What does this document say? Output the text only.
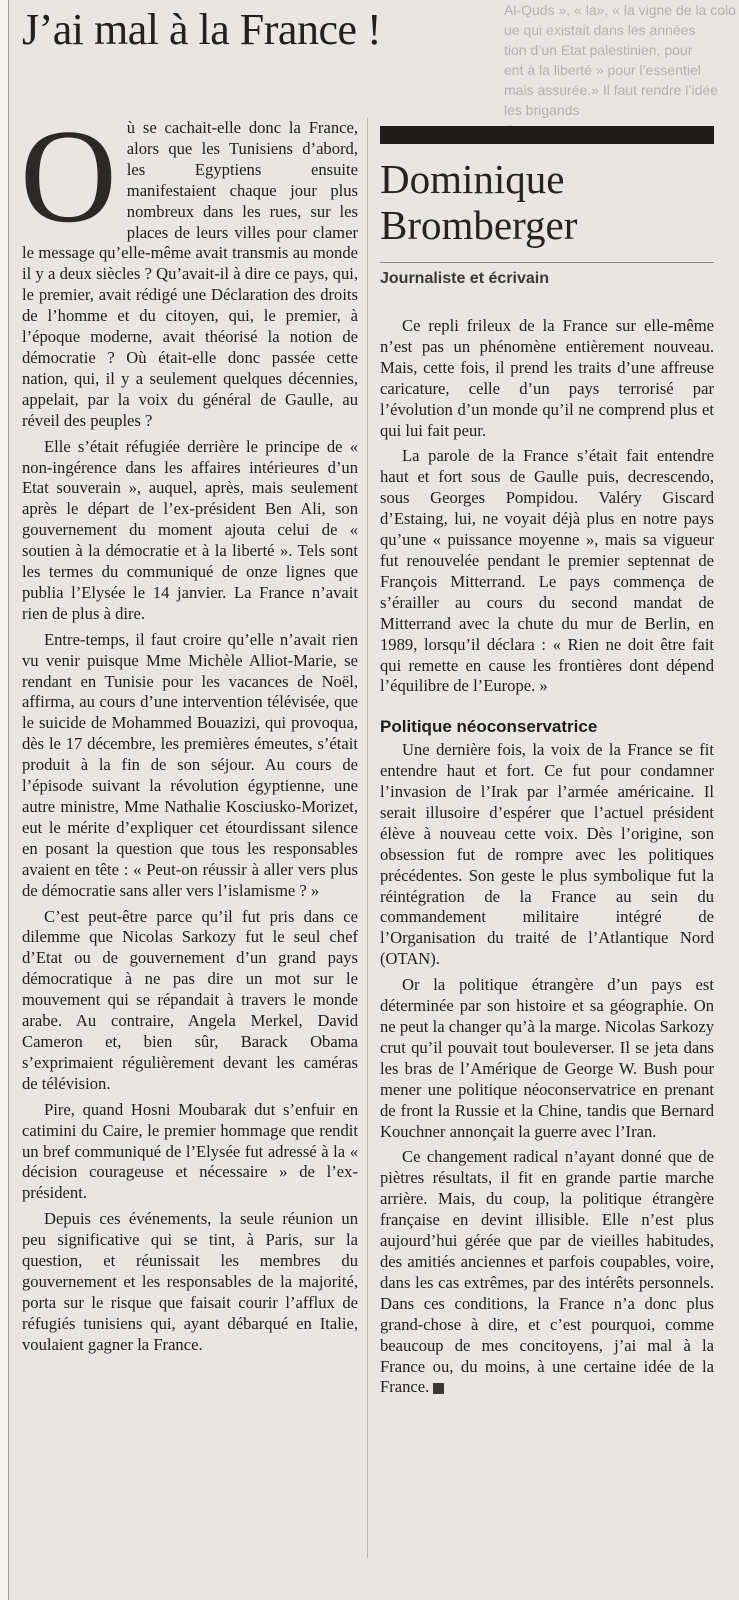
J’ai mal à la France !	Al-Quds », « la», « la vigne de la colo
ue qui existait dans les années
tion d’un Etat palestinien, pour
ent à la liberté » pour l’essentiel
mais assurée.» Il faut rendre l’idée
les brigands

Où se cachait-elle donc la France, alors que les Tunisiens d’abord, les Egyptiens ensuite manifestaient chaque jour plus nombreux dans les rues, sur les places de leurs villes pour clamer le message qu’elle-même avait transmis au monde il y a deux siècles ? Qu’avait-il à dire ce pays, qui, le premier, avait rédigé une Déclaration des droits de l’homme et du citoyen, qui, le premier, à l’époque moderne, avait théorisé la notion de démocratie ? Où était-elle donc passée cette nation, qui, il y a seulement quelques décennies, appelait, par la voix du général de Gaulle, au réveil des peuples ?

Elle s’était réfugiée derrière le principe de « non-ingérence dans les affaires intérieures d’un Etat souverain », auquel, après, mais seulement après le départ de l’ex-président Ben Ali, son gouvernement du moment ajouta celui de « soutien à la démocratie et à la liberté ». Tels sont les termes du communiqué de onze lignes que publia l’Elysée le 14 janvier. La France n’avait rien de plus à dire.

Entre-temps, il faut croire qu’elle n’avait rien vu venir puisque Mme Michèle Alliot-Marie, se rendant en Tunisie pour les vacances de Noël, affirma, au cours d’une intervention télévisée, que le suicide de Mohammed Bouazizi, qui provoqua, dès le 17 décembre, les premières émeutes, s’était produit à la fin de son séjour. Au cours de l’épisode suivant la révolution égyptienne, une autre ministre, Mme Nathalie Kosciusko-Morizet, eut le mérite d’expliquer cet étourdissant silence en posant la question que tous les responsables avaient en tête : « Peut-on réussir à aller vers plus de démocratie sans aller vers l’islamisme ? »

C’est peut-être parce qu’il fut pris dans ce dilemme que Nicolas Sarkozy fut le seul chef d’Etat ou de gouvernement d’un grand pays démocratique à ne pas dire un mot sur le mouvement qui se répandait à travers le monde arabe. Au contraire, Angela Merkel, David Cameron et, bien sûr, Barack Obama s’exprimaient régulièrement devant les caméras de télévision.

Pire, quand Hosni Moubarak dut s’enfuir en catimini du Caire, le premier hommage que rendit un bref communiqué de l’Elysée fut adressé à la « décision courageuse et nécessaire » de l’ex-président.

Depuis ces événements, la seule réunion un peu significative qui se tint, à Paris, sur la question, et réunissait les membres du gouvernement et les responsables de la majorité, porta sur le risque que faisait courir l’afflux de réfugiés tunisiens qui, ayant débarqué en Italie, voulaient gagner la France.

Dominique
Bromberger
Journaliste et écrivain

Ce repli frileux de la France sur elle-même n’est pas un phénomène entièrement nouveau. Mais, cette fois, il prend les traits d’une affreuse caricature, celle d’un pays terrorisé par l’évolution d’un monde qu’il ne comprend plus et qui lui fait peur.

La parole de la France s’était fait entendre haut et fort sous de Gaulle puis, decrescendo, sous Georges Pompidou. Valéry Giscard d’Estaing, lui, ne voyait déjà plus en notre pays qu’une « puissance moyenne », mais sa vigueur fut renouvelée pendant le premier septennat de François Mitterrand. Le pays commença de s’érailler au cours du second mandat de Mitterrand avec la chute du mur de Berlin, en 1989, lorsqu’il déclara : « Rien ne doit être fait qui remette en cause les frontières dont dépend l’équilibre de l’Europe. »

Politique néoconservatrice

Une dernière fois, la voix de la France se fit entendre haut et fort. Ce fut pour condamner l’invasion de l’Irak par l’armée américaine. Il serait illusoire d’espérer que l’actuel président élève à nouveau cette voix. Dès l’origine, son obsession fut de rompre avec les politiques précédentes. Son geste le plus symbolique fut la réintégration de la France au sein du commandement militaire intégré de l’Organisation du traité de l’Atlantique Nord (OTAN).

Or la politique étrangère d’un pays est déterminée par son histoire et sa géographie. On ne peut la changer qu’à la marge. Nicolas Sarkozy crut qu’il pouvait tout bouleverser. Il se jeta dans les bras de l’Amérique de George W. Bush pour mener une politique néoconservatrice en prenant de front la Russie et la Chine, tandis que Bernard Kouchner annonçait la guerre avec l’Iran.

Ce changement radical n’ayant donné que de piètres résultats, il fit en grande partie marche arrière. Mais, du coup, la politique étrangère française en devint illisible. Elle n’est plus aujourd’hui gérée que par de vieilles habitudes, des amitiés anciennes et parfois coupables, voire, dans les cas extrêmes, par des intérêts personnels. Dans ces conditions, la France n’a donc plus grand-chose à dire, et c’est pourquoi, comme beaucoup de mes concitoyens, j’ai mal à la France ou, du moins, à une certaine idée de la France.
